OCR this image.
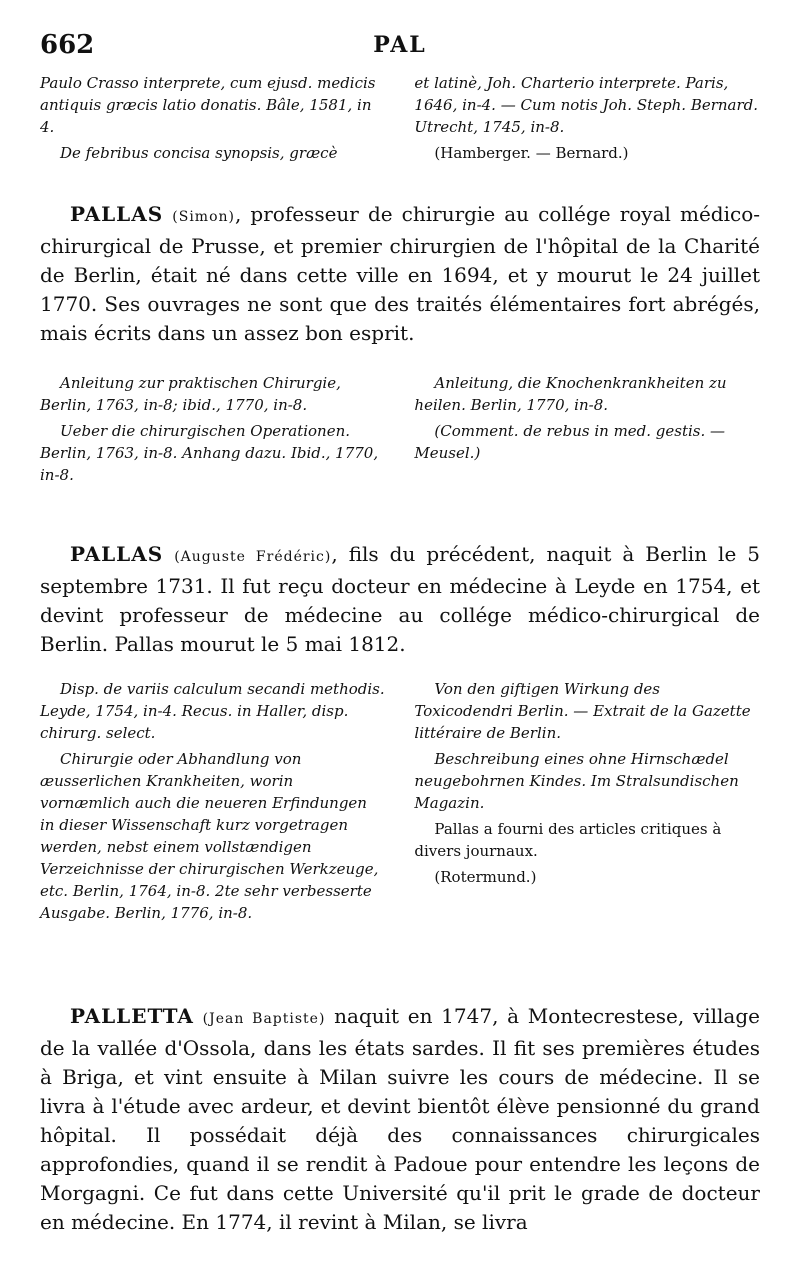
662	PAL

Paulo Crasso interprete, cum ejusd. medicis antiquis græcis latio donatis. Bâle, 1581, in 4.

De febribus concisa synopsis, græcè

et latinè, Joh. Charterio interprete. Paris, 1646, in-4. — Cum notis Joh. Steph. Bernard. Utrecht, 1745, in-8.

(Hamberger. — Bernard.)

PALLAS (Simon), professeur de chirurgie au collége royal médico-chirurgical de Prusse, et premier chirurgien de l'hôpital de la Charité de Berlin, était né dans cette ville en 1694, et y mourut le 24 juillet 1770. Ses ouvrages ne sont que des traités élémentaires fort abrégés, mais écrits dans un assez bon esprit.

Anleitung zur praktischen Chirurgie, Berlin, 1763, in-8; ibid., 1770, in-8.

Ueber die chirurgischen Operationen. Berlin, 1763, in-8. Anhang dazu. Ibid., 1770, in-8.

Anleitung, die Knochenkrankheiten zu heilen. Berlin, 1770, in-8.

(Comment. de rebus in med. gestis. —Meusel.)

PALLAS (Auguste Frédéric), fils du précédent, naquit à Berlin le 5 septembre 1731. Il fut reçu docteur en médecine à Leyde en 1754, et devint professeur de médecine au collége médico-chirurgical de Berlin. Pallas mourut le 5 mai 1812.

Disp. de variis calculum secandi methodis. Leyde, 1754, in-4. Recus. in Haller, disp. chirurg. select.

Chirurgie oder Abhandlung von æusserlichen Krankheiten, worin vornæmlich auch die neueren Erfindungen in dieser Wissenschaft kurz vorgetragen werden, nebst einem vollstændigen Verzeichnisse der chirurgischen Werkzeuge, etc. Berlin, 1764, in-8. 2te sehr verbesserte Ausgabe. Berlin, 1776, in-8.

Von den giftigen Wirkung des Toxicodendri Berlin. — Extrait de la Gazette littéraire de Berlin.

Beschreibung eines ohne Hirnschædel neugebohrnen Kindes. Im Stralsundischen Magazin.

Pallas a fourni des articles critiques à divers journaux.

(Rotermund.)

PALLETTA (Jean Baptiste) naquit en 1747, à Montecrestese, village de la vallée d'Ossola, dans les états sardes. Il fit ses premières études à Briga, et vint ensuite à Milan suivre les cours de médecine. Il se livra à l'étude avec ardeur, et devint bientôt élève pensionné du grand hôpital. Il possédait déjà des connaissances chirurgicales approfondies, quand il se rendit à Padoue pour entendre les leçons de Morgagni. Ce fut dans cette Université qu'il prit le grade de docteur en médecine. En 1774, il revint à Milan, se livra
